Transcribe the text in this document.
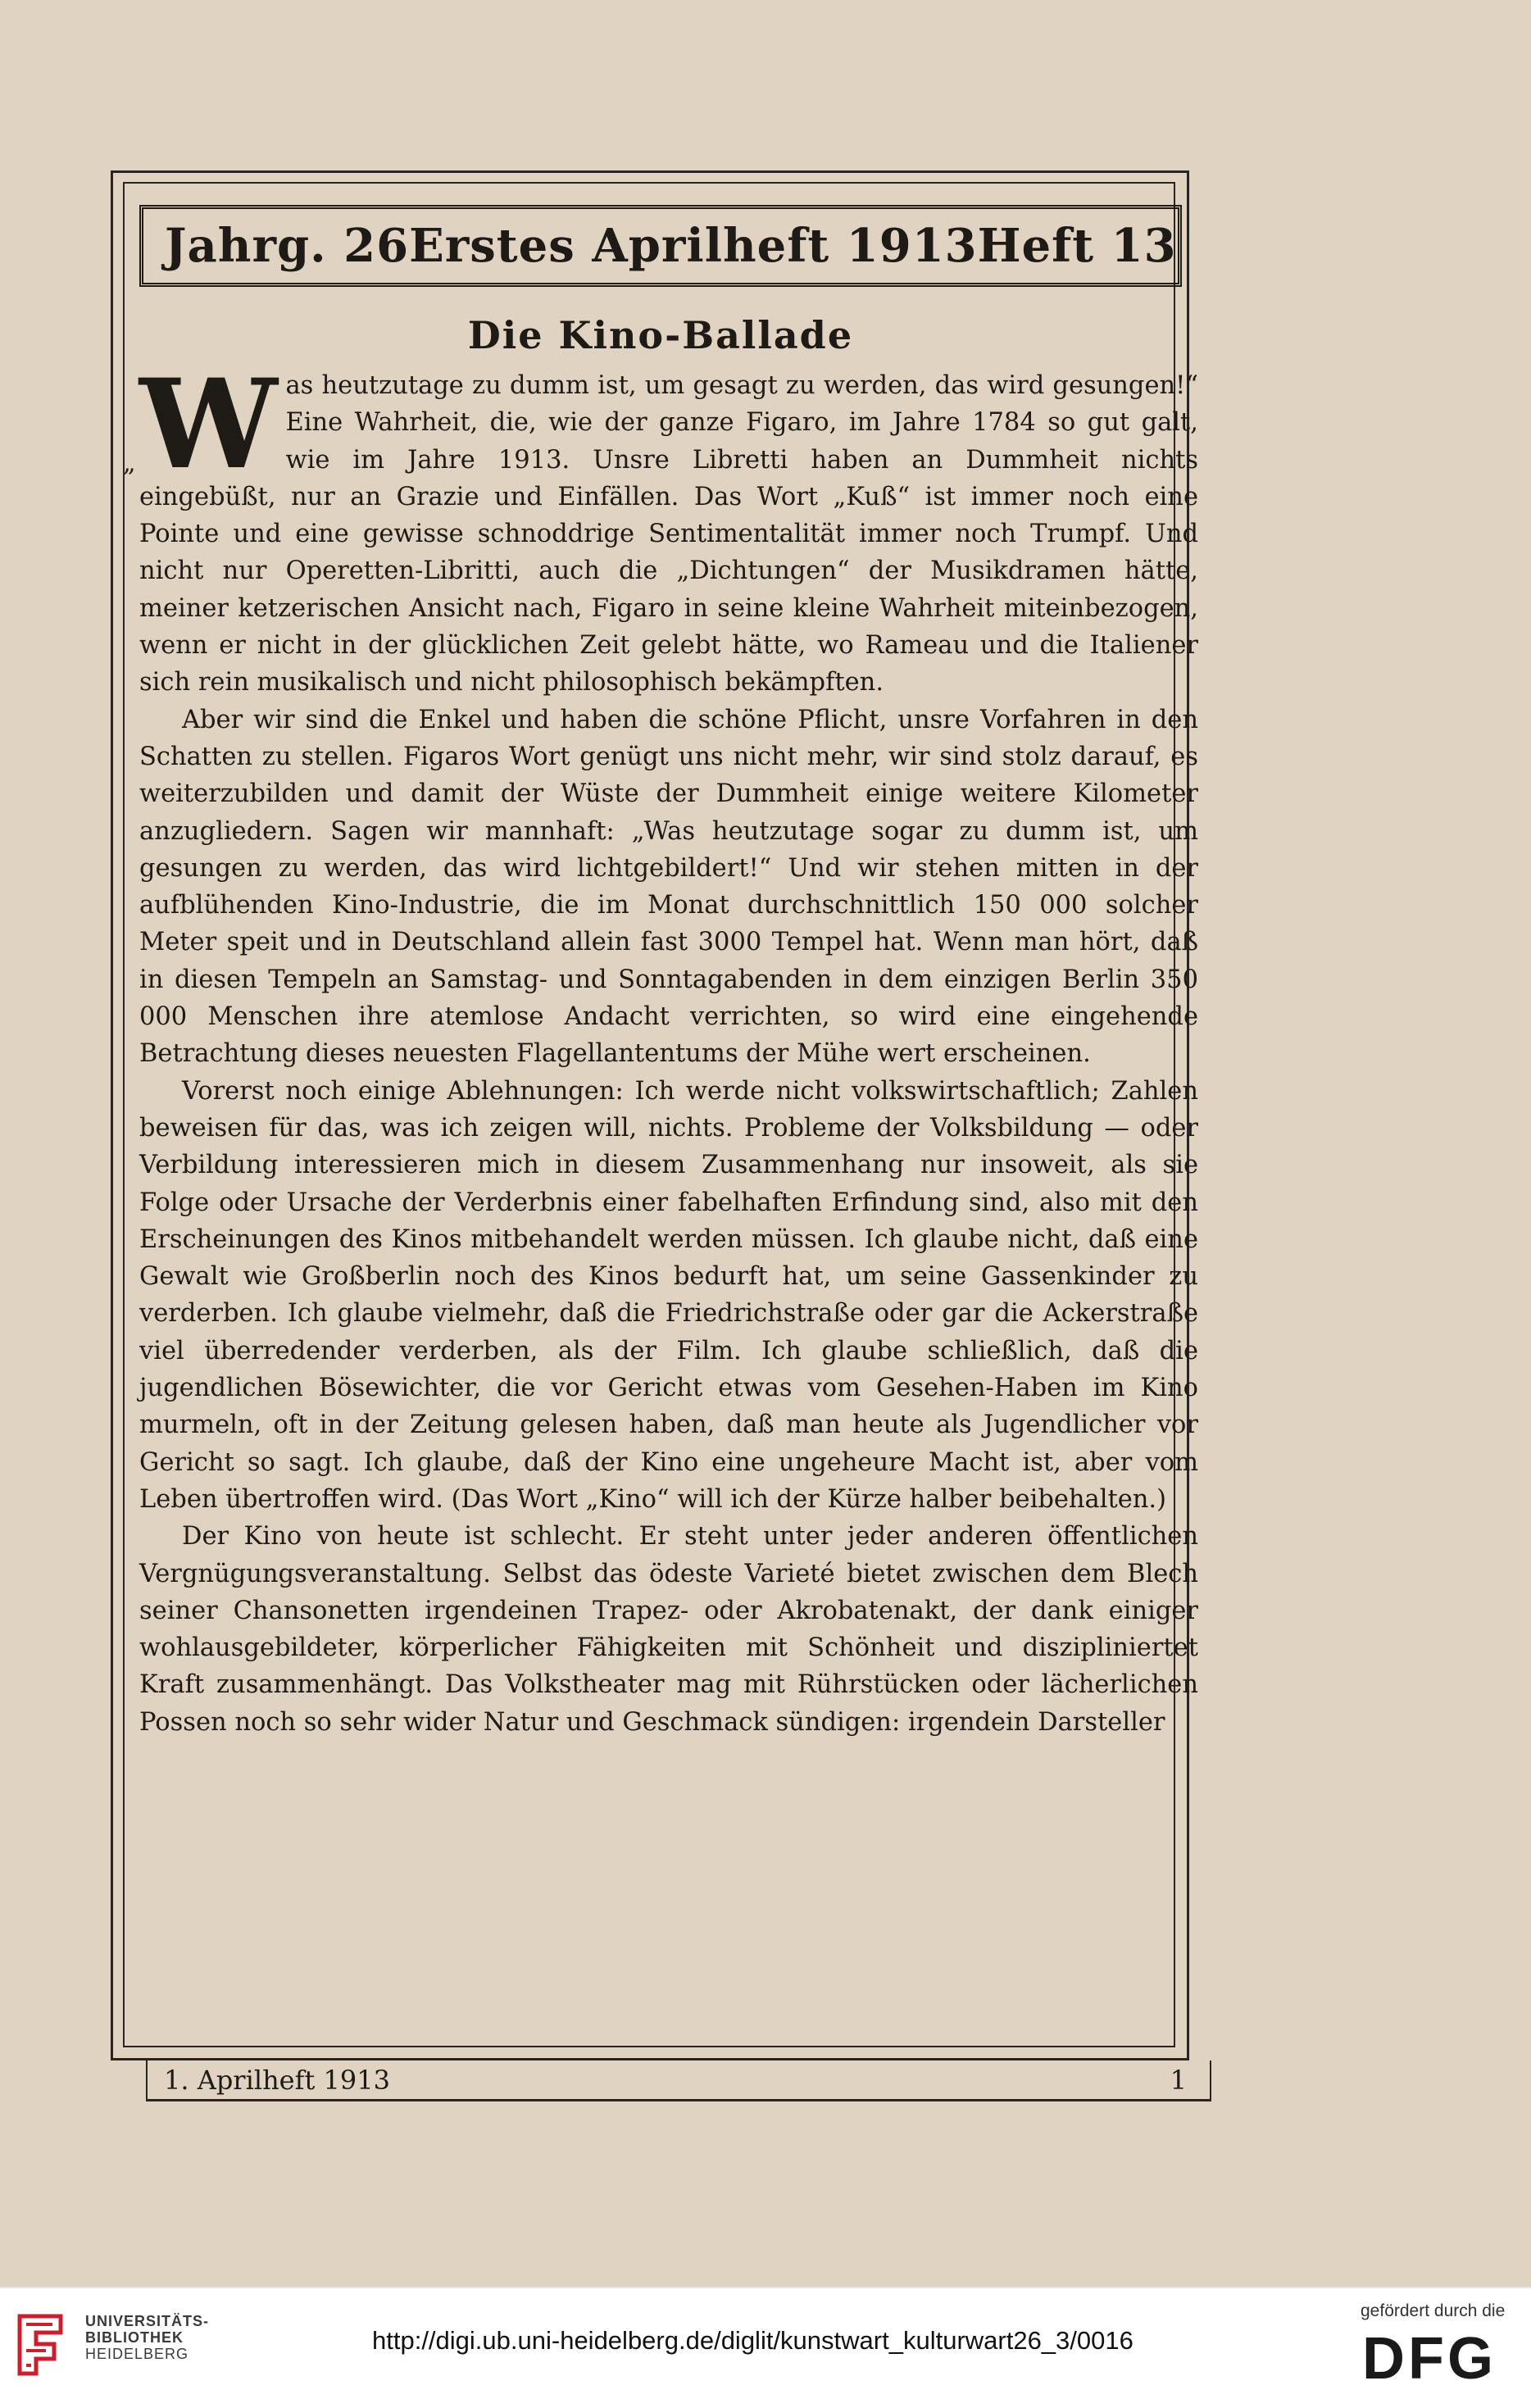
Jahrg. 26 Erstes Aprilheft 1913 Heft 13
Die Kino-Ballade
„ Was heutzutage zu dumm ist, um gesagt zu werden, das wird gesungen!“ Eine Wahrheit, die, wie der ganze Figaro, im Jahre 1784 so gut galt, wie im Jahre 1913. Unsre Libretti haben an Dummheit nichts eingebüßt, nur an Grazie und Einfällen. Das Wort „Kuß“ ist immer noch eine Pointe und eine gewisse schnoddrige Sentimentalität immer noch Trumpf. Und nicht nur Operetten-Libritti, auch die „Dichtungen“ der Musikdramen hätte, meiner ketzerischen Ansicht nach, Figaro in seine kleine Wahrheit miteinbezogen, wenn er nicht in der glücklichen Zeit gelebt hätte, wo Rameau und die Italiener sich rein musikalisch und nicht philosophisch bekämpften.

Aber wir sind die Enkel und haben die schöne Pflicht, unsre Vorfahren in den Schatten zu stellen. Figaros Wort genügt uns nicht mehr, wir sind stolz darauf, es weiterzubilden und damit der Wüste der Dummheit einige weitere Kilometer anzugliedern. Sagen wir mannhaft: „Was heutzutage sogar zu dumm ist, um gesungen zu werden, das wird lichtgebildert!“ Und wir stehen mitten in der aufblühenden Kino-Industrie, die im Monat durchschnittlich 150 000 solcher Meter speit und in Deutschland allein fast 3000 Tempel hat. Wenn man hört, daß in diesen Tempeln an Samstag- und Sonntagabenden in dem einzigen Berlin 350 000 Menschen ihre atemlose Andacht verrichten, so wird eine eingehende Betrachtung dieses neuesten Flagellantentums der Mühe wert erscheinen.

Vorerst noch einige Ablehnungen: Ich werde nicht volkswirtschaftlich; Zahlen beweisen für das, was ich zeigen will, nichts. Probleme der Volksbildung — oder Verbildung interessieren mich in diesem Zusammenhang nur insoweit, als sie Folge oder Ursache der Verderbnis einer fabelhaften Erfindung sind, also mit den Erscheinungen des Kinos mitbehandelt werden müssen. Ich glaube nicht, daß eine Gewalt wie Großberlin noch des Kinos bedurft hat, um seine Gassenkinder zu verderben. Ich glaube vielmehr, daß die Friedrichstraße oder gar die Ackerstraße viel überredender verderben, als der Film. Ich glaube schließlich, daß die jugendlichen Bösewichter, die vor Gericht etwas vom Gesehen-Haben im Kino murmeln, oft in der Zeitung gelesen haben, daß man heute als Jugendlicher vor Gericht so sagt. Ich glaube, daß der Kino eine ungeheure Macht ist, aber vom Leben übertroffen wird. (Das Wort „Kino“ will ich der Kürze halber beibehalten.)

Der Kino von heute ist schlecht. Er steht unter jeder anderen öffentlichen Vergnügungsveranstaltung. Selbst das ödeste Varieté bietet zwischen dem Blech seiner Chansonetten irgendeinen Trapez- oder Akrobatenakt, der dank einiger wohlausgebildeter, körperlicher Fähigkeiten mit Schönheit und diszipliniertet Kraft zusammenhängt. Das Volkstheater mag mit Rührstücken oder lächerlichen Possen noch so sehr wider Natur und Geschmack sündigen: irgendein Darsteller

1. Aprilheft 1913	1
UNIVERSITÄTS-
BIBLIOTHEK
HEIDELBERG	http://digi.ub.uni-heidelberg.de/diglit/kunstwart_kulturwart26_3/0016
gefördert durch die
DFG
